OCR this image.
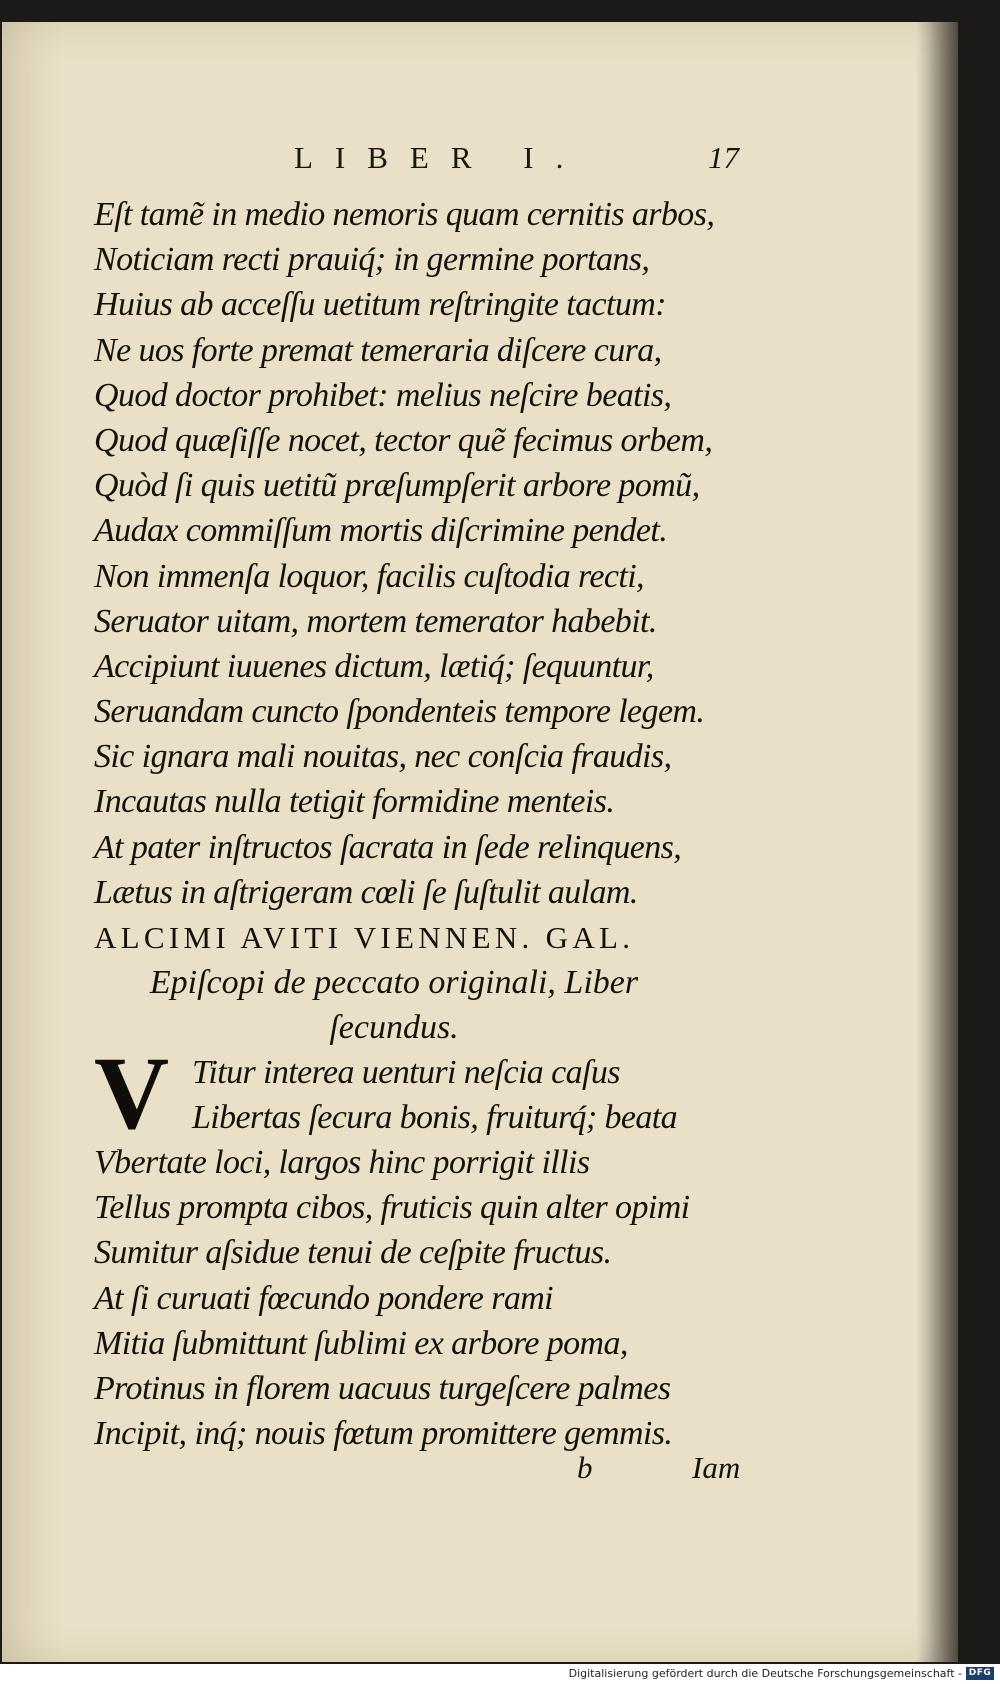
LIBER I.	17
Eſt tamẽ in medio nemoris quam cernitis arbos,
Noticiam recti prauiq́; in germine portans,
Huius ab acceſſu uetitum reſtringite tactum:
Ne uos forte premat temeraria diſcere cura,
Quod doctor prohibet: melius neſcire beatis,
Quod quæſiſſe nocet, tector quẽ fecimus orbem,
Quòd ſi quis uetitũ præſumpſerit arbore pomũ,
Audax commiſſum mortis diſcrimine pendet.
Non immenſa loquor, facilis cuſtodia recti,
Seruator uitam, mortem temerator habebit.
Accipiunt iuuenes dictum, lætiq́; ſequuntur,
Seruandam cuncto ſpondenteis tempore legem.
Sic ignara mali nouitas, nec conſcia fraudis,
Incautas nulla tetigit formidine menteis.
At pater inſtructos ſacrata in ſede relinquens,
Lætus in aſtrigeram cœli ſe ſuſtulit aulam.
ALCIMI AVITI VIENNEN. GAL.
Epiſcopi de peccato originali, Liber
ſecundus.
V Titur interea uenturi neſcia caſus
Libertas ſecura bonis, fruiturq́; beata
Vbertate loci, largos hinc porrigit illis
Tellus prompta cibos, fruticis quin alter opimi
Sumitur aſsidue tenui de ceſpite fructus.
At ſi curuati fœcundo pondere rami
Mitia ſubmittunt ſublimi ex arbore poma,
Protinus in florem uacuus turgeſcere palmes
Incipit, inq́; nouis fœtum promittere gemmis.
b	Iam
Digitalisierung gefördert durch die Deutsche Forschungsgemeinschaft - DFG
